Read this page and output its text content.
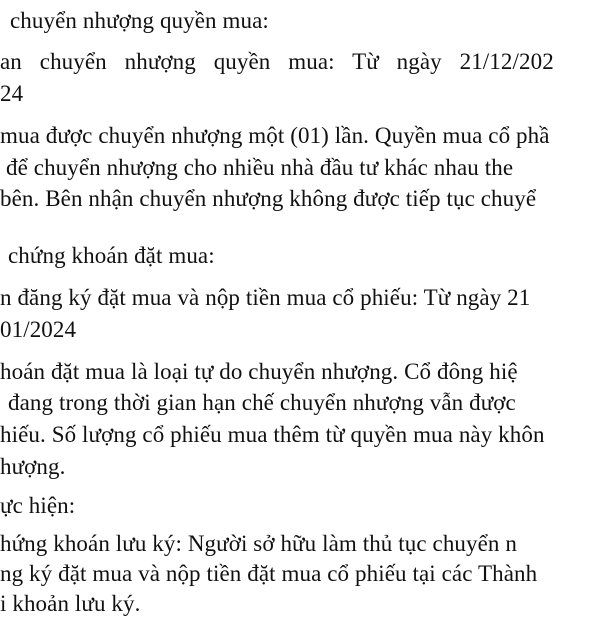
chuyển nhượng quyền mua:
an chuyển nhượng quyền mua: Từ ngày 21/12/202
24
mua được chuyển nhượng một (01) lần. Quyền mua cổ phầ
để chuyển nhượng cho nhiều nhà đầu tư khác nhau the
bên. Bên nhận chuyển nhượng không được tiếp tục chuyể
chứng khoán đặt mua:
n đăng ký đặt mua và nộp tiền mua cổ phiếu: Từ ngày 21
01/2024
hoán đặt mua là loại tự do chuyển nhượng. Cổ đông hiệ
đang trong thời gian hạn chế chuyển nhượng vẫn được
hiếu. Số lượng cổ phiếu mua thêm từ quyền mua này khôn
hượng.
ực hiện:
hứng khoán lưu ký: Người sở hữu làm thủ tục chuyển n
ng ký đặt mua và nộp tiền đặt mua cổ phiếu tại các Thành
i khoản lưu ký.
